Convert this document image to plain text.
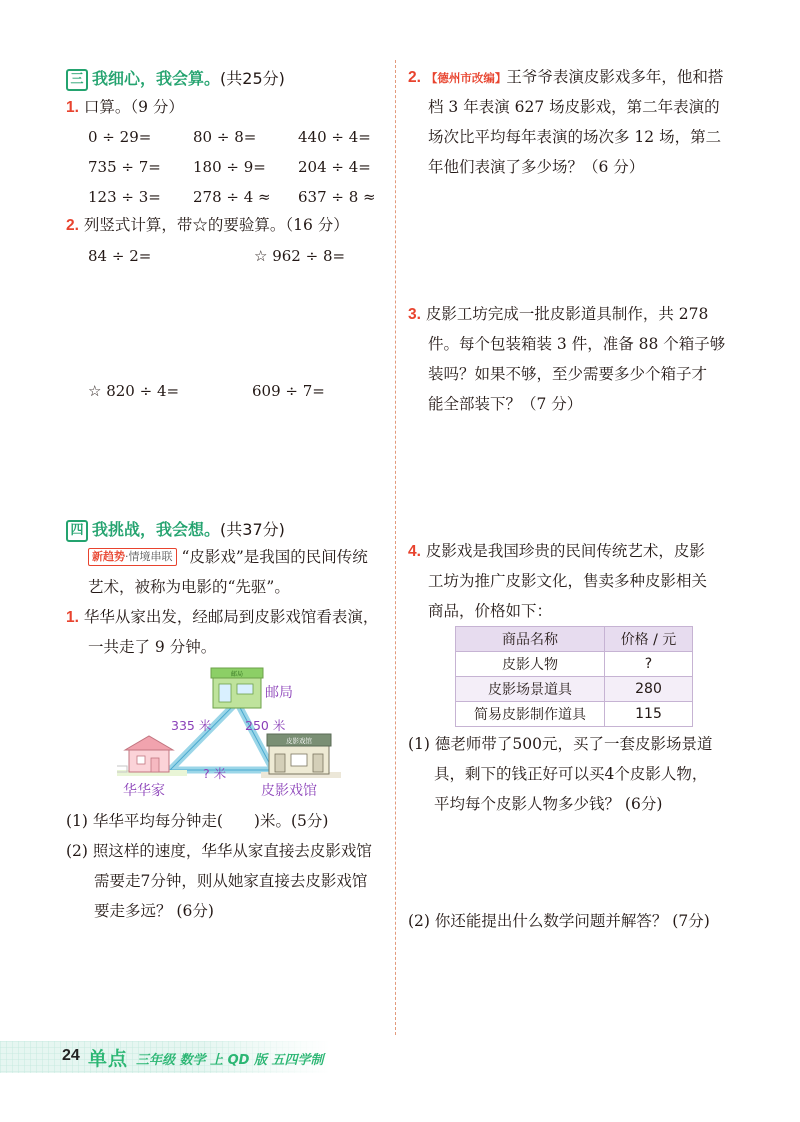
三 我细心，我会算。(共25分)
1. 口算。（9 分）
0 ÷ 29=	80 ÷ 8=	440 ÷ 4=
735 ÷ 7= 180 ÷ 9= 204 ÷ 4=
123 ÷ 3= 278 ÷ 4 ≈ 637 ÷ 8 ≈
2. 列竖式计算，带☆的要验算。（16 分）
84 ÷ 2=	☆ 962 ÷ 8=
☆ 820 ÷ 4=	609 ÷ 7=
四 我挑战，我会想。(共37分)
新趋势·情境串联 “皮影戏”是我国的民间传统
艺术，被称为电影的“先驱”。
1. 华华从家出发，经邮局到皮影戏馆看表演，
一共走了 9 分钟。
邮局
皮影戏馆
邮局
335 米	250 米
? 米
华华家	皮影戏馆
(1) 华华平均每分钟走(　　)米。(5分)
(2) 照这样的速度，华华从家直接去皮影戏馆
需要走7分钟，则从她家直接去皮影戏馆
要走多远？ (6分)
2. 【德州市改编】王爷爷表演皮影戏多年，他和搭
档 3 年表演 627 场皮影戏，第二年表演的
场次比平均每年表演的场次多 12 场，第二
年他们表演了多少场？（6 分）
3. 皮影工坊完成一批皮影道具制作，共 278
件。每个包装箱装 3 件，准备 88 个箱子够
装吗？如果不够，至少需要多少个箱子才
能全部装下？（7 分）
4. 皮影戏是我国珍贵的民间传统艺术，皮影
工坊为推广皮影文化，售卖多种皮影相关
商品，价格如下：
商品名称	价格 / 元
皮影人物	?
皮影场景道具	280
简易皮影制作道具	115
(1) 德老师带了500元，买了一套皮影场景道
具，剩下的钱正好可以买4个皮影人物，
平均每个皮影人物多少钱？ (6分)
(2) 你还能提出什么数学问题并解答？ (7分)
24 单点 三年级 数学 上 QD 版 五四学制
